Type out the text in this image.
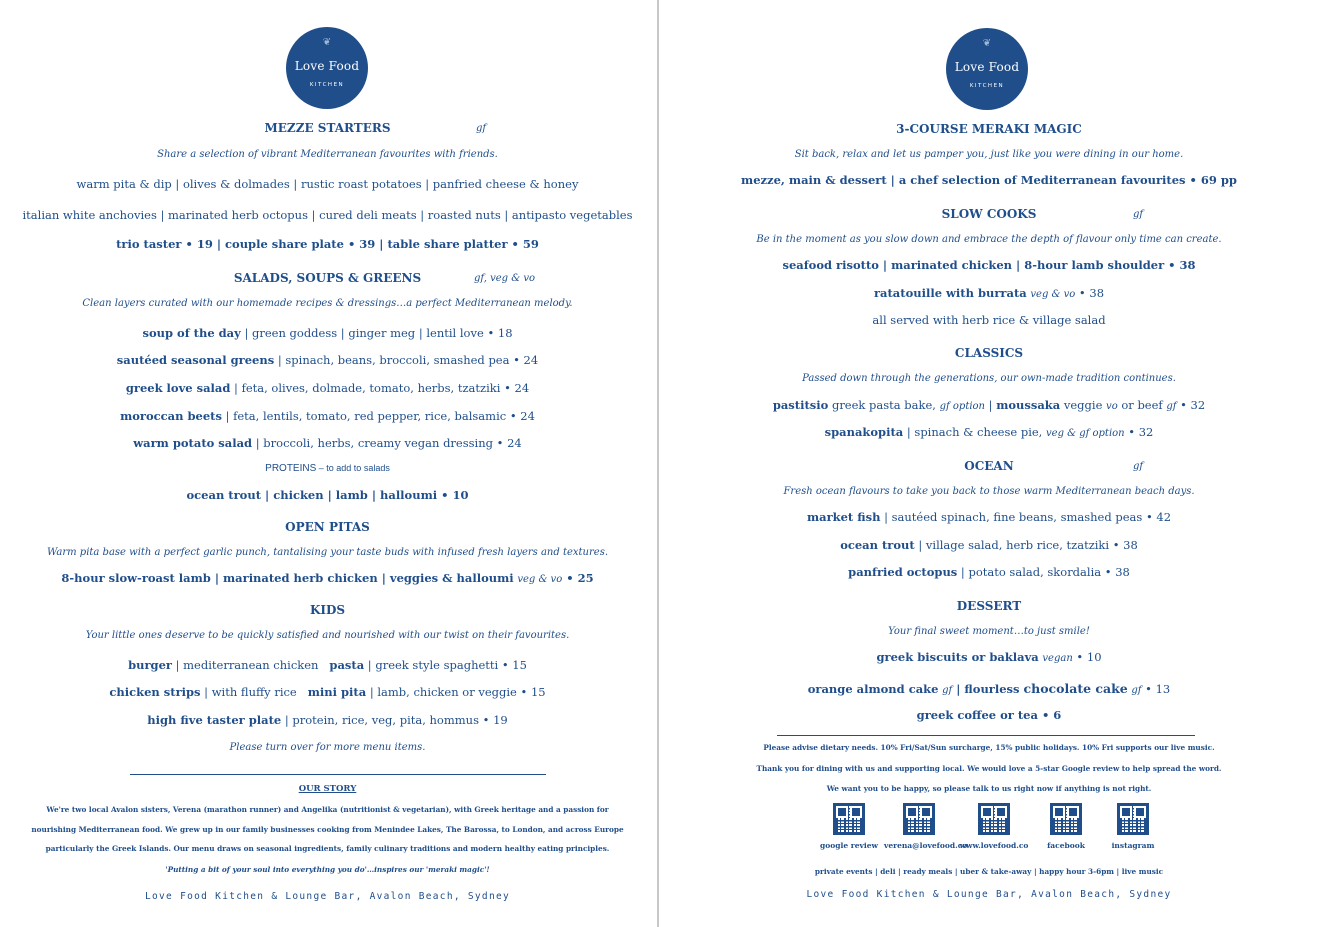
❦
Love Food
KITCHEN
MEZZE STARTERS	gf
Share a selection of vibrant Mediterranean favourites with friends.
warm pita & dip | olives & dolmades | rustic roast potatoes | panfried cheese & honey
italian white anchovies | marinated herb octopus | cured deli meats | roasted nuts | antipasto vegetables
trio taster • 19 | couple share plate • 39 | table share platter • 59
SALADS, SOUPS & GREENS	gf, veg & vo
Clean layers curated with our homemade recipes & dressings…a perfect Mediterranean melody.
soup of the day | green goddess | ginger meg | lentil love • 18
sautéed seasonal greens | spinach, beans, broccoli, smashed pea • 24
greek love salad | feta, olives, dolmade, tomato, herbs, tzatziki • 24
moroccan beets | feta, lentils, tomato, red pepper, rice, balsamic • 24
warm potato salad | broccoli, herbs, creamy vegan dressing • 24
PROTEINS – to add to salads
ocean trout | chicken | lamb | halloumi • 10
OPEN PITAS
Warm pita base with a perfect garlic punch, tantalising your taste buds with infused fresh layers and textures.
8-hour slow-roast lamb | marinated herb chicken | veggies & halloumi veg & vo • 25
KIDS
Your little ones deserve to be quickly satisfied and nourished with our twist on their favourites.
burger | mediterranean chicken   pasta | greek style spaghetti • 15
chicken strips | with fluffy rice   mini pita | lamb, chicken or veggie • 15
high five taster plate | protein, rice, veg, pita, hommus • 19
Please turn over for more menu items.
OUR STORY
We're two local Avalon sisters, Verena (marathon runner) and Angelika (nutritionist & vegetarian), with Greek heritage and a passion for
nourishing Mediterranean food. We grew up in our family businesses cooking from Menindee Lakes, The Barossa, to London, and across Europe
particularly the Greek Islands. Our menu draws on seasonal ingredients, family culinary traditions and modern healthy eating principles.
'Putting a bit of your soul into everything you do'…inspires our 'meraki magic'!
Love Food Kitchen & Lounge Bar, Avalon Beach, Sydney
❦
Love Food
KITCHEN
3-COURSE MERAKI MAGIC
Sit back, relax and let us pamper you, just like you were dining in our home.
mezze, main & dessert | a chef selection of Mediterranean favourites • 69 pp
SLOW COOKS	gf
Be in the moment as you slow down and embrace the depth of flavour only time can create.
seafood risotto | marinated chicken | 8-hour lamb shoulder • 38
ratatouille with burrata veg & vo • 38
all served with herb rice & village salad
CLASSICS
Passed down through the generations, our own-made tradition continues.
pastitsio greek pasta bake, gf option | moussaka veggie vo or beef gf • 32
spanakopita | spinach & cheese pie, veg & gf option • 32
OCEAN	gf
Fresh ocean flavours to take you back to those warm Mediterranean beach days.
market fish | sautéed spinach, fine beans, smashed peas • 42
ocean trout | village salad, herb rice, tzatziki • 38
panfried octopus | potato salad, skordalia • 38
DESSERT
Your final sweet moment…to just smile!
greek biscuits or baklava vegan • 10
orange almond cake gf | flourless chocolate cake gf • 13
greek coffee or tea • 6
Please advise dietary needs. 10% Fri/Sat/Sun surcharge, 15% public holidays. 10% Fri supports our live music.
Thank you for dining with us and supporting local. We would love a 5-star Google review to help spread the word.
We want you to be happy, so please talk to us right now if anything is not right.
google review verena@lovefood.co
www.lovefood.co	facebook	instagram
private events | deli | ready meals | uber & take-away | happy hour 3-6pm | live music
Love Food Kitchen & Lounge Bar, Avalon Beach, Sydney
